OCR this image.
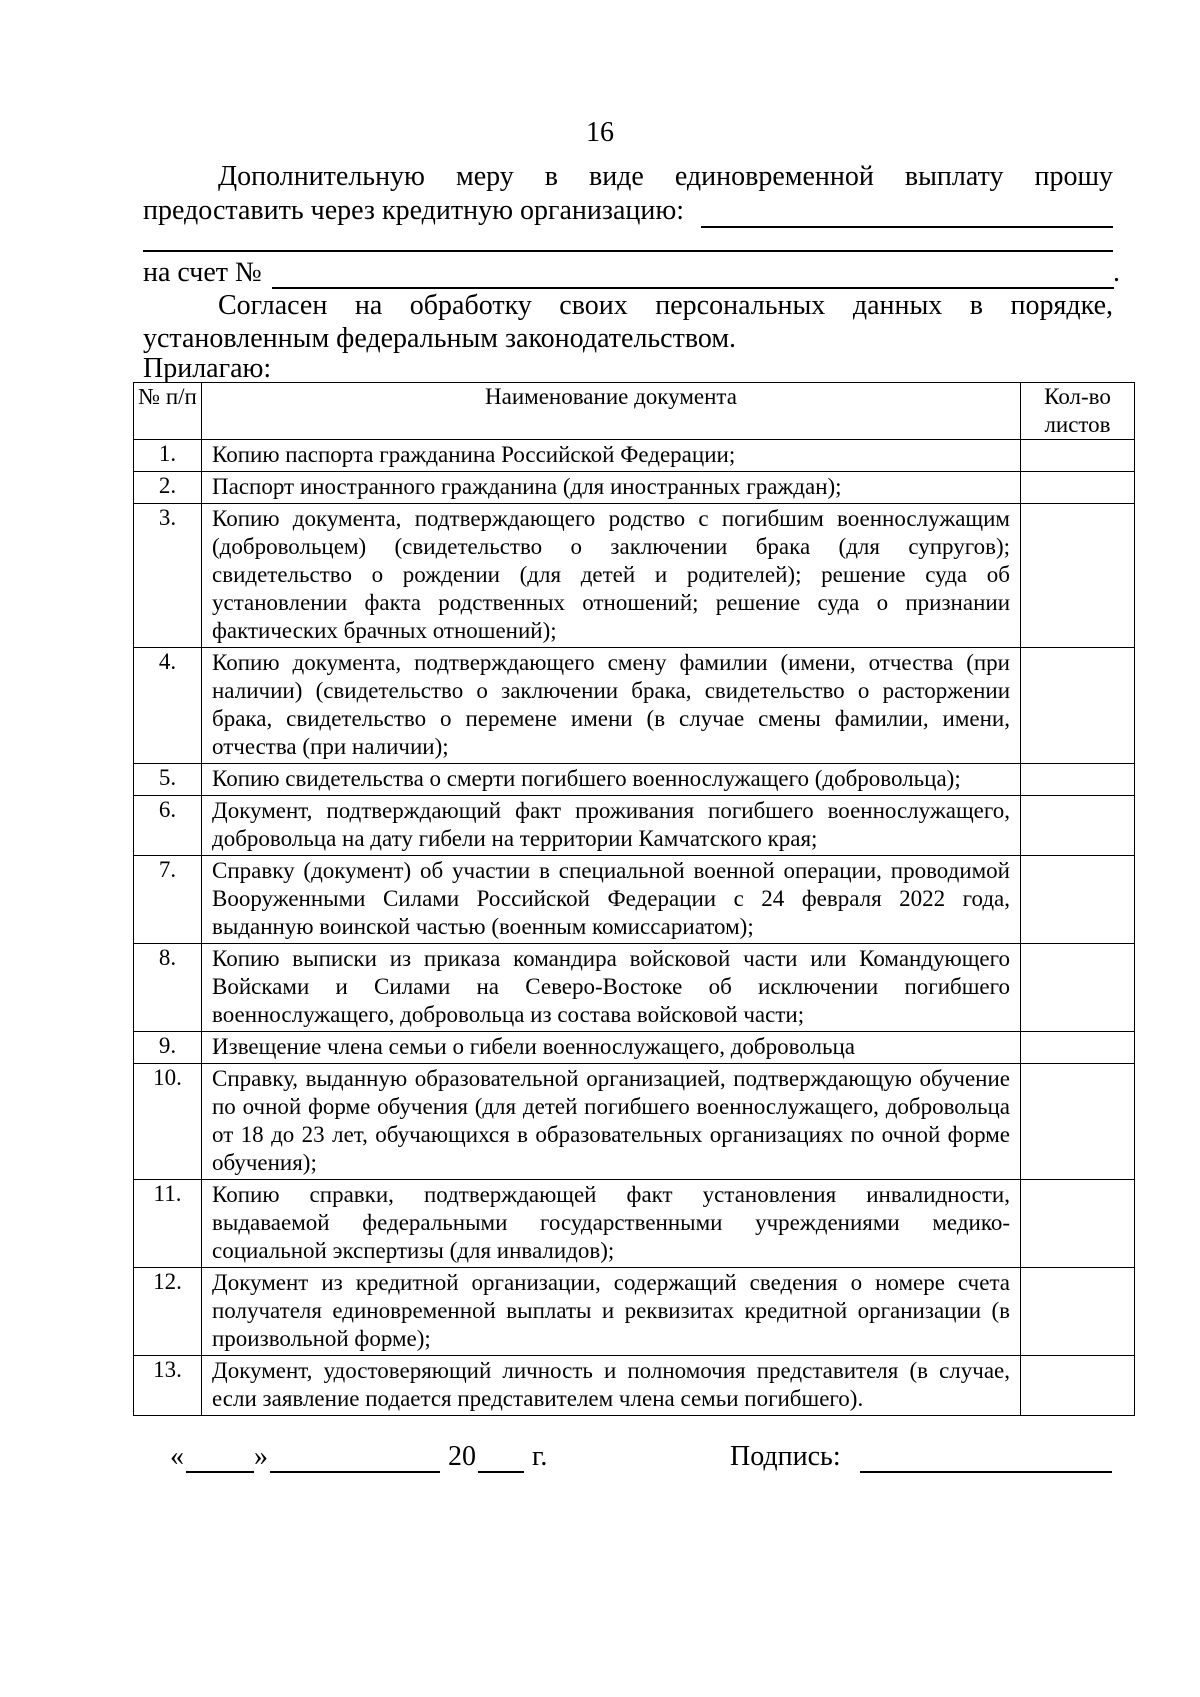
16
Дополнительную меру в виде единовременной выплату прошу
предоставить через кредитную организацию:
на счет №	.
Согласен на обработку своих персональных данных в порядке,
установленным федеральным законодательством.
Прилагаю:
№ п/п	Наименование документа	Кол-во листов
1.	Копию паспорта гражданина Российской Федерации;	

2.	Паспорт иностранного гражданина (для иностранных граждан);	

3.	Копию документа, подтверждающего родство с погибшим военнослужащим (добровольцем) (свидетельство о заключении брака (для супругов); свидетельство о рождении (для детей и родителей); решение суда об установлении факта родственных отношений; решение суда о признании фактических брачных отношений);	

4.	Копию документа, подтверждающего смену фамилии (имени, отчества (при наличии) (свидетельство о заключении брака, свидетельство о расторжении брака, свидетельство о перемене имени (в случае смены фамилии, имени, отчества (при наличии);	

5.	Копию свидетельства о смерти погибшего военнослужащего (добровольца);	

6.	Документ, подтверждающий факт проживания погибшего военнослужащего, добровольца на дату гибели на территории Камчатского края;	

7.	Справку (документ) об участии в специальной военной операции, проводимой Вооруженными Силами Российской Федерации с 24 февраля 2022 года, выданную воинской частью (военным комиссариатом);	

8.	Копию выписки из приказа командира войсковой части или Командующего Войсками и Силами на Северо-Востоке об исключении погибшего военнослужащего, добровольца из состава войсковой части;	

9.	Извещение члена семьи о гибели военнослужащего, добровольца	

10.	Справку, выданную образовательной организацией, подтверждающую обучение по очной форме обучения (для детей погибшего военнослужащего, добровольца от 18 до 23 лет, обучающихся в образовательных организациях по очной форме обучения);	

11.	Копию справки, подтверждающей факт установления инвалидности, выдаваемой федеральными государственными учреждениями медико-социальной экспертизы (для инвалидов);	

12.	Документ из кредитной организации, содержащий сведения о номере счета получателя единовременной выплаты и реквизитах кредитной организации (в произвольной форме);	

13.	Документ, удостоверяющий личность и полномочия представителя (в случае, если заявление подается представителем члена семьи погибшего).	

«	»	20 г.	Подпись:
